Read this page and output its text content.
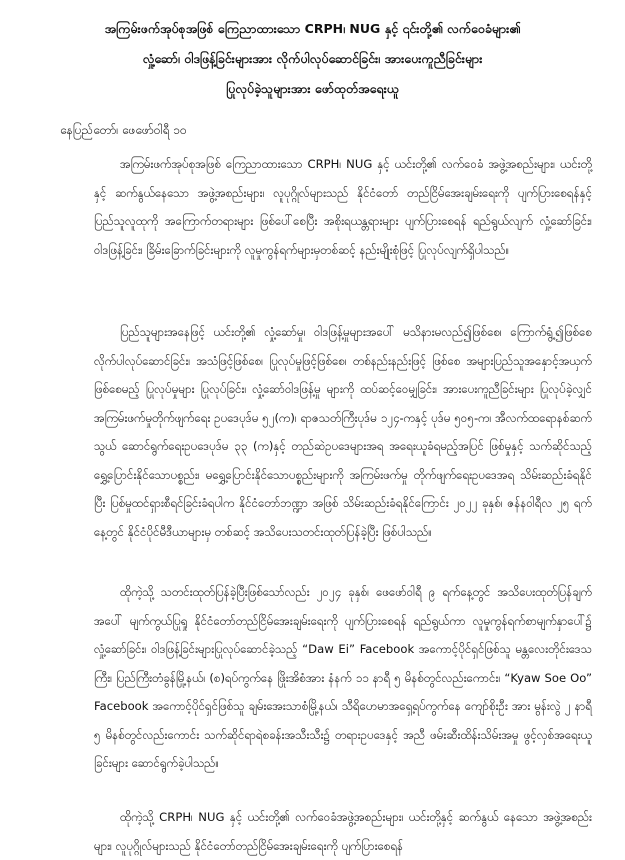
အကြမ်းဖက်အုပ်စုအဖြစ် ကြေညာထားသော CRPH၊ NUG နှင့် ၎င်းတို့၏ လက်ဝေခံများ၏
လှုံ့ဆော်၊ ဝါဒဖြန့်ခြင်းများအား လိုက်ပါလုပ်ဆောင်ခြင်း၊ အားပေးကူညီခြင်းများ
ပြုလုပ်ခဲ့သူများအား ဖော်ထုတ်အရေးယူ
နေပြည်တော်၊ ဖေဖော်ဝါရီ ၁၀

အကြမ်းဖက်အုပ်စုအဖြစ် ကြေညာထားသော CRPH၊ NUG နှင့် ယင်းတို့၏ လက်ဝေခံ အဖွဲ့အစည်းများ၊ ယင်းတို့နှင့် ဆက်နွယ်နေသော အဖွဲ့အစည်းများ၊ လူပုဂ္ဂိုလ်များသည် နိုင်ငံတော် တည်ငြိမ်အေးချမ်းရေးကို ပျက်ပြားစေရန်နှင့် ပြည်သူလူထုကို အကြောက်တရားများ ဖြစ်ပေါ်စေပြီး အစိုးရယန္တရားများ ပျက်ပြားစေရန် ရည်ရွယ်လျက် လှုံ့ဆော်ခြင်း၊ ဝါဒဖြန့်ခြင်း၊ ခြိမ်းခြောက်ခြင်းများကို လူမှုကွန်ရက်များမှတစ်ဆင့် နည်းမျိုးစုံဖြင့် ပြုလုပ်လျက်ရှိပါသည်။

ပြည်သူများအနေဖြင့် ယင်းတို့၏ လှုံ့ဆော်မှု၊ ဝါဒဖြန့်မှုများအပေါ် မသိနားမလည်၍ဖြစ်စေ၊ ကြောက်ရွံ့၍ဖြစ်စေ လိုက်ပါလုပ်ဆောင်ခြင်း၊ အသံဖြင့်ဖြစ်စေ၊ ပြုလုပ်မှုဖြင့်ဖြစ်စေ၊ တစ်နည်းနည်းဖြင့် ဖြစ်စေ အများပြည်သူအနှောင့်အယှက်ဖြစ်စေမည့် ပြုလုပ်မှုများ ပြုလုပ်ခြင်း၊ လှုံ့ဆော်ဝါဒဖြန့်မှု များကို ထပ်ဆင့်ဝေမျှခြင်း၊ အားပေးကူညီခြင်းများ ပြုလုပ်ခဲ့လျှင် အကြမ်းဖက်မှုတိုက်ဖျက်ရေး ဥပဒေပုဒ်မ ၅၂(က)၊ ရာဇသတ်ကြီးပုဒ်မ ၁၂၄-ကနှင့် ပုဒ်မ ၅၀၅-က၊ အီလက်ထရောနစ်ဆက်သွယ် ဆောင်ရွက်ရေးဥပဒေပုဒ်မ ၃၃ (က)နှင့် တည်ဆဲဥပဒေများအရ အရေးယူခံရမည့်အပြင် ဖြစ်မှုနှင့် သက်ဆိုင်သည့် ရွှေ့ပြောင်းနိုင်သောပစ္စည်း၊ မရွှေ့ပြောင်းနိုင်သောပစ္စည်းများကို အကြမ်းဖက်မှု တိုက်ဖျက်ရေးဥပဒေအရ သိမ်းဆည်းခံရနိုင်ပြီး ပြစ်မှုထင်ရှားစီရင်ခြင်းခံရပါက နိုင်ငံတော်ဘဏ္ဍာ အဖြစ် သိမ်းဆည်းခံရနိုင်ကြောင်း ၂၀၂၂ ခုနှစ်၊ ဇန်နဝါရီလ ၂၅ ရက်နေ့တွင် နိုင်ငံပိုင်မီဒီယာများမှ တစ်ဆင့် အသိပေးသတင်းထုတ်ပြန်ခဲ့ပြီး ဖြစ်ပါသည်။

ထိုကဲ့သို့ သတင်းထုတ်ပြန်ခဲ့ပြီးဖြစ်သော်လည်း ၂၀၂၄ ခုနှစ်၊ ဖေဖော်ဝါရီ ၉ ရက်နေ့တွင် အသိပေးထုတ်ပြန်ချက်အပေါ် မျက်ကွယ်ပြုရှု နိုင်ငံတော်တည်ငြိမ်အေးချမ်းရေးကို ပျက်ပြားစေရန် ရည်ရွယ်ကာ လူမှုကွန်ရက်စာမျက်နှာပေါ်၌ လှုံ့ဆော်ခြင်း၊ ဝါဒဖြန့်ခြင်းများပြုလုပ်ဆောင်ခဲ့သည့် “Daw Ei” Facebook အကောင့်ပိုင်ရှင်ဖြစ်သူ မန္တလေးတိုင်းဒေသကြီး၊ ပြည်ကြီးတံခွန်မြို့နယ်၊ (စ)ရပ်ကွက်နေ ဖြိုးအိစံအား နံနက် ၁၁ နာရီ ၅ မိနစ်တွင်လည်းကောင်း၊ “Kyaw Soe Oo” Facebook အကောင့်ပိုင်ရှင်ဖြစ်သူ ချမ်းအေးသာစံမြို့နယ်၊ သီရိဟေမာအရှေ့ရပ်ကွက်နေ ကျော်စိုးဦး အား မွန်းလွဲ ၂ နာရီ ၅ မိနစ်တွင်လည်းကောင်း သက်ဆိုင်ရာရဲစခန်းအသီးသီး၌ တရားဥပဒေနှင့် အညီ ဖမ်းဆီးထိန်းသိမ်းအမှု ဖွင့်လှစ်အရေးယူခြင်းများ ဆောင်ရွက်ခဲ့ပါသည်။

ထိုကဲ့သို့ CRPH၊ NUG နှင့် ယင်းတို့၏ လက်ဝေခံအဖွဲ့အစည်းများ၊ ယင်းတို့နှင့် ဆက်နွယ် နေသော အဖွဲ့အစည်းများ၊ လူပုဂ္ဂိုလ်များသည် နိုင်ငံတော်တည်ငြိမ်အေးချမ်းရေးကို ပျက်ပြားစေရန်
